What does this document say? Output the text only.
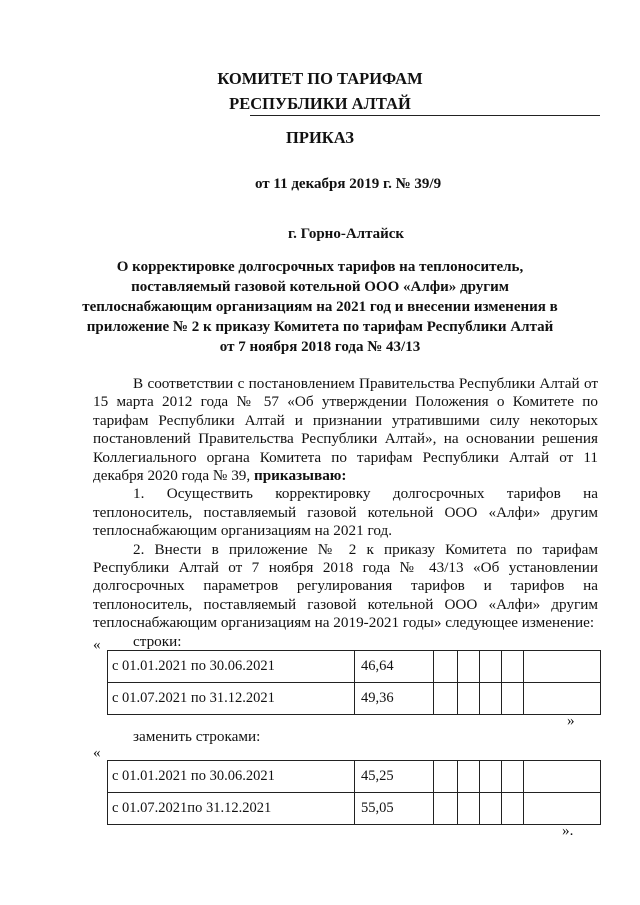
КОМИТЕТ ПО ТАРИФАМ
РЕСПУБЛИКИ АЛТАЙ
ПРИКАЗ
от 11 декабря 2019 г. № 39/9
г. Горно-Алтайск
О корректировке долгосрочных тарифов на теплоноситель,
поставляемый газовой котельной ООО «Алфи» другим
теплоснабжающим организациям на 2021 год и внесении изменения в
приложение № 2 к приказу Комитета по тарифам Республики Алтай
от 7 ноября 2018 года № 43/13

В соответствии с постановлением Правительства Республики Алтай от 15 марта 2012 года № 57 «Об утверждении Положения о Комитете по тарифам Республики Алтай и признании утратившими силу некоторых постановлений Правительства Республики Алтай», на основании решения Коллегиального органа Комитета по тарифам Республики Алтай от 11 декабря 2020 года № 39, приказываю:

1. Осуществить корректировку долгосрочных тарифов на теплоноситель, поставляемый газовой котельной ООО «Алфи» другим теплоснабжающим организациям на 2021 год.

2. Внести в приложение № 2 к приказу Комитета по тарифам Республики Алтай от 7 ноября 2018 года № 43/13 «Об установлении долгосрочных параметров регулирования тарифов и тарифов на теплоноситель, поставляемый газовой котельной ООО «Алфи» другим теплоснабжающим организациям на 2019-2021 годы» следующее изменение:

строки:

«
с 01.01.2021 по 30.06.2021	46,64					
с 01.07.2021 по 31.12.2021	49,36					
»
заменить строками:
«
с 01.01.2021 по 30.06.2021	45,25					
с 01.07.2021по 31.12.2021	55,05					
».
